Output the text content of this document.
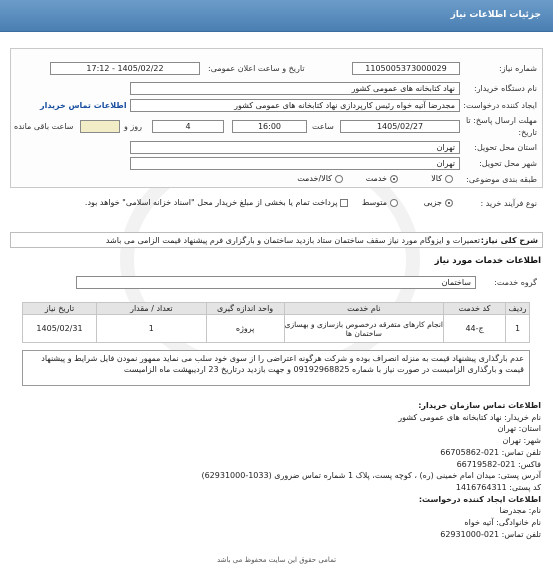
جزئیات اطلاعات نیاز
شماره نیاز:
1105005373000029
تاریخ و ساعت اعلان عمومی:
1405/02/22 - 17:12
نام دستگاه خریدار:
نهاد کتابخانه های عمومی کشور
ایجاد کننده درخواست:
مجدرضا آتیه خواه رئیس کارپردازی نهاد کتابخانه های عمومی کشور
اطلاعات تماس خریدار
مهلت ارسال پاسخ: تا
تاریخ:
1405/02/27
ساعت
16:00
4
روز و
ساعت باقی مانده
استان محل تحویل:
تهران
شهر محل تحویل:
تهران
طبقه بندی موضوعی:
کالا
خدمت
کالا/خدمت
نوع فرآیند خرید :
جزیی
متوسط
پرداخت تمام یا بخشی از مبلغ خریدار محل "اسناد خزانه اسلامی" خواهد بود.
شرح کلی نیاز:
تعمیرات و ایزوگام مورد نیاز سقف ساختمان ستاد بازدید ساختمان و بارگزاری فرم پیشنهاد قیمت الزامی می باشد
اطلاعات خدمات مورد نیاز
گروه خدمت:
ساختمان
ردیف	کد خدمت	نام خدمت	واحد اندازه گیری	تعداد / مقدار	تاریخ نیاز
1	ج-44	انجام کارهای متفرقه درخصوص بازسازی و بهسازی ساختمان ها	پروژه	1	1405/02/31
عدم بارگذاری پیشنهاد قیمت به منزله انصراف بوده و شرکت هرگونه اعتراضی را از سوی خود سلب می نماید ممهور نمودن فایل شرایط و پیشنهاد قیمت و بارگذاری الزامیست در صورت نیاز با شماره 09192968825 و جهت بازدید درتاریخ 23 اردیبهشت ماه الزامیست
اطلاعات تماس سازمان خریدار:
نام خریدار: نهاد کتابخانه های عمومی کشور
استان: تهران
شهر: تهران
تلفن تماس: 021-66705862
فاکس: 021-66719582
آدرس پستی: میدان امام خمینی (ره) ، کوچه پست، پلاک 1 شماره تماس ضروری (1033-62931000)
کد پستی: 1416764311
اطلاعات ایجاد کننده درخواست:
نام: مجدرضا
نام خانوادگی: آتیه خواه
تلفن تماس: 021-62931000
تمامی حقوق این سایت محفوظ می باشد
